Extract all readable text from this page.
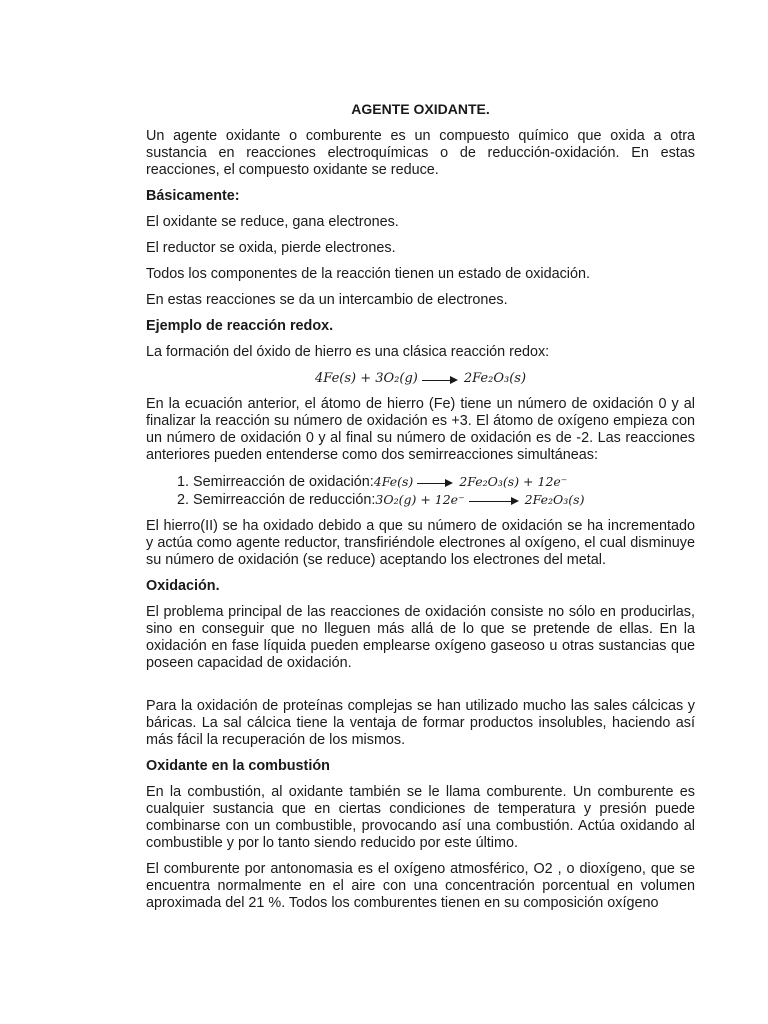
AGENTE OXIDANTE.

Un agente oxidante o comburente es un compuesto químico que oxida a otra sustancia en reacciones electroquímicas o de reducción-oxidación. En estas reacciones, el compuesto oxidante se reduce.

Básicamente:

El oxidante se reduce, gana electrones.

El reductor se oxida, pierde electrones.

Todos los componentes de la reacción tienen un estado de oxidación.

En estas reacciones se da un intercambio de electrones.

Ejemplo de reacción redox.

La formación del óxido de hierro es una clásica reacción redox:

4Fe(s) + 3O₂(g)	2Fe₂O₃(s)

En la ecuación anterior, el átomo de hierro (Fe) tiene un número de oxidación 0 y al finalizar la reacción su número de oxidación es +3. El átomo de oxígeno empieza con un número de oxidación 0 y al final su número de oxidación es de -2. Las reacciones anteriores pueden entenderse como dos semirreacciones simultáneas:

1. Semirreacción de oxidación:4Fe(s)	2Fe₂O₃(s) + 12e⁻
2. Semirreacción de reducción:3O₂(g) + 12e⁻	2Fe₂O₃(s)

El hierro(II) se ha oxidado debido a que su número de oxidación se ha incrementado y actúa como agente reductor, transfiriéndole electrones al oxígeno, el cual disminuye su número de oxidación (se reduce) aceptando los electrones del metal.

Oxidación.

El problema principal de las reacciones de oxidación consiste no sólo en producirlas, sino en conseguir que no lleguen más allá de lo que se pretende de ellas. En la oxidación en fase líquida pueden emplearse oxígeno gaseoso u otras sustancias que poseen capacidad de oxidación.

Para la oxidación de proteínas complejas se han utilizado mucho las sales cálcicas y báricas. La sal cálcica tiene la ventaja de formar productos insolubles, haciendo así más fácil la recuperación de los mismos.

Oxidante en la combustión

En la combustión, al oxidante también se le llama comburente. Un comburente es cualquier sustancia que en ciertas condiciones de temperatura y presión puede combinarse con un combustible, provocando así una combustión. Actúa oxidando al combustible y por lo tanto siendo reducido por este último.

El comburente por antonomasia es el oxígeno atmosférico, O2 , o dioxígeno, que se encuentra normalmente en el aire con una concentración porcentual en volumen aproximada del 21 %. Todos los comburentes tienen en su composición oxígeno
